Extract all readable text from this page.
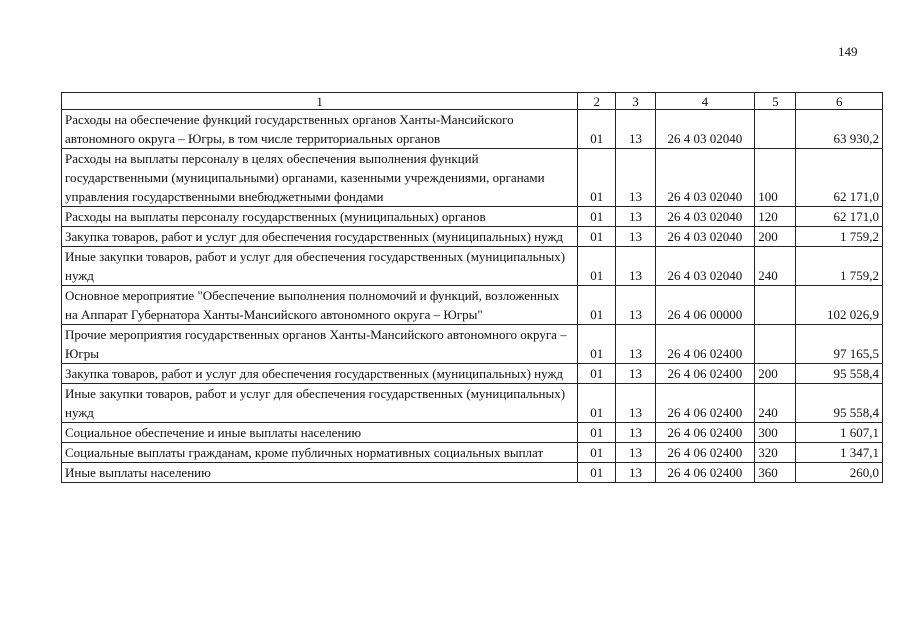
149
1	2	3	4	5	6
Расходы на обеспечение функций государственных органов Ханты-Мансийского автономного округа – Югры, в том числе территориальных органов	01	13	26 4 03 02040		63 930,2
Расходы на выплаты персоналу в целях обеспечения выполнения функций государственными (муниципальными) органами, казенными учреждениями, органами управления государственными внебюджетными фондами	01	13	26 4 03 02040	100	62 171,0
Расходы на выплаты персоналу государственных (муниципальных) органов	01	13	26 4 03 02040	120	62 171,0
Закупка товаров, работ и услуг для обеспечения государственных (муниципальных) нужд	01	13	26 4 03 02040	200	1 759,2
Иные закупки товаров, работ и услуг для обеспечения государственных (муниципальных) нужд	01	13	26 4 03 02040	240	1 759,2
Основное мероприятие "Обеспечение выполнения полномочий и функций, возложенных на Аппарат Губернатора Ханты-Мансийского автономного округа – Югры"	01	13	26 4 06 00000		102 026,9
Прочие мероприятия государственных органов Ханты-Мансийского автономного округа – Югры	01	13	26 4 06 02400		97 165,5
Закупка товаров, работ и услуг для обеспечения государственных (муниципальных) нужд	01	13	26 4 06 02400	200	95 558,4
Иные закупки товаров, работ и услуг для обеспечения государственных (муниципальных) нужд	01	13	26 4 06 02400	240	95 558,4
Социальное обеспечение и иные выплаты населению	01	13	26 4 06 02400	300	1 607,1
Социальные выплаты гражданам, кроме публичных нормативных социальных выплат	01	13	26 4 06 02400	320	1 347,1
Иные выплаты населению	01	13	26 4 06 02400	360	260,0
